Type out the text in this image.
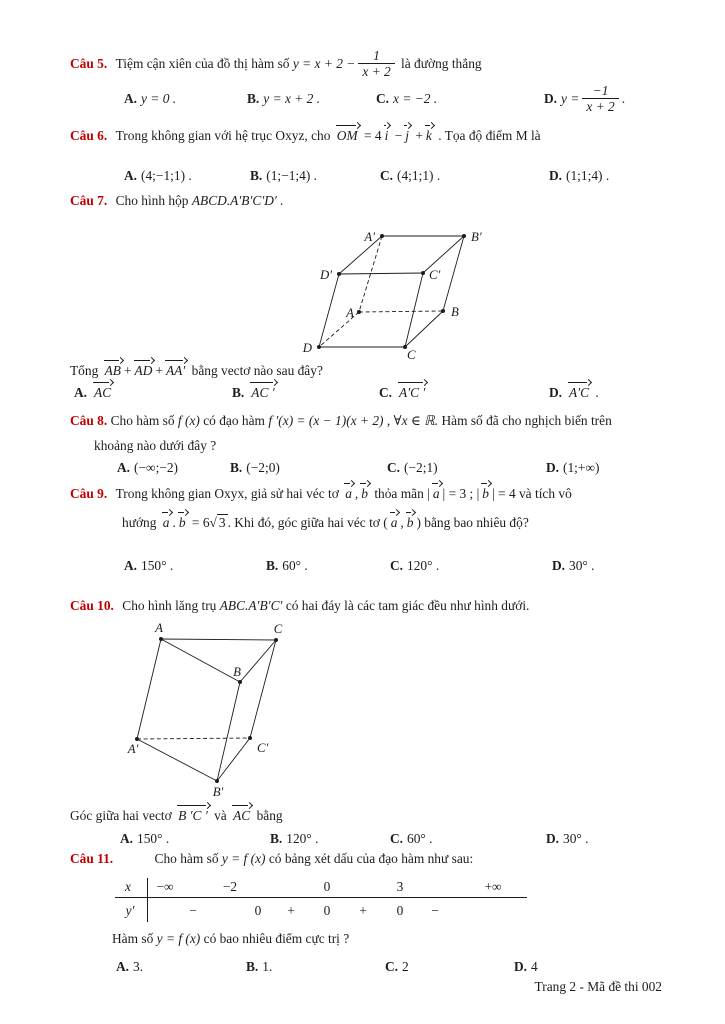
Câu 5. Tiệm cận xiên của đồ thị hàm số $y = x + 2 - \frac{1}{x + 2}$ là đường thẳng
A. y = 0 .	B. y = x + 2 .	C. x = −2 .	D. $y = \frac{-1}{x + 2}$ .
Câu 6. Trong không gian với hệ trục Oxyz, cho OM = 4 i − j + k . Tọa độ điểm M là
A. (4;−1;1) .	B. (1;−1;4) .	C. (4;1;1) .	D. (1;1;4) .
Câu 7. Cho hình hộp ABCD.A′B′C′D′ .
A′	B′
D′	C′
A	B
D	C
Tổng AB + AD + AA′ bằng vectơ nào sau đây?
A. AC	B. AC ′	C. A′C ′	D. A′C .
Câu 8. Cho hàm số f (x) có đạo hàm f ′(x) = (x − 1)(x + 2) , ∀x ∈ ℝ. Hàm số đã cho nghịch biến trên
khoảng nào dưới đây ?
A. (−∞;−2)	B. (−2;0)	C. (−2;1)	D. (1;+∞)
Câu 9. Trong không gian Oxyx, giả sử hai véc tơ a , b thỏa mãn | a | = 3 ; | b | = 4 và tích vô
hướng a . b = 6√ 3 . Khi đó, góc giữa hai véc tơ ( a , b ) bằng bao nhiêu độ?
A. 150° .	B. 60° .	C. 120° .	D. 30° .
Câu 10. Cho hình lăng trụ ABC.A′B′C′ có hai đáy là các tam giác đều như hình dưới.
A	C
B
A′	C′
B′
Góc giữa hai vectơ B ′C ′ và AC bằng
A. 150° .	B. 120° .	C. 60° .	D. 30° .
Câu 11.	Cho hàm số y = f (x) có bảng xét dấu của đạo hàm như sau:
x −∞	−2	0	3	+∞
y′	−	0 + 0 + 0 −
Hàm số y = f (x) có bao nhiêu điểm cực trị ?
A. 3.	B. 1.	C. 2	D. 4
Trang 2 - Mã đề thi 002
